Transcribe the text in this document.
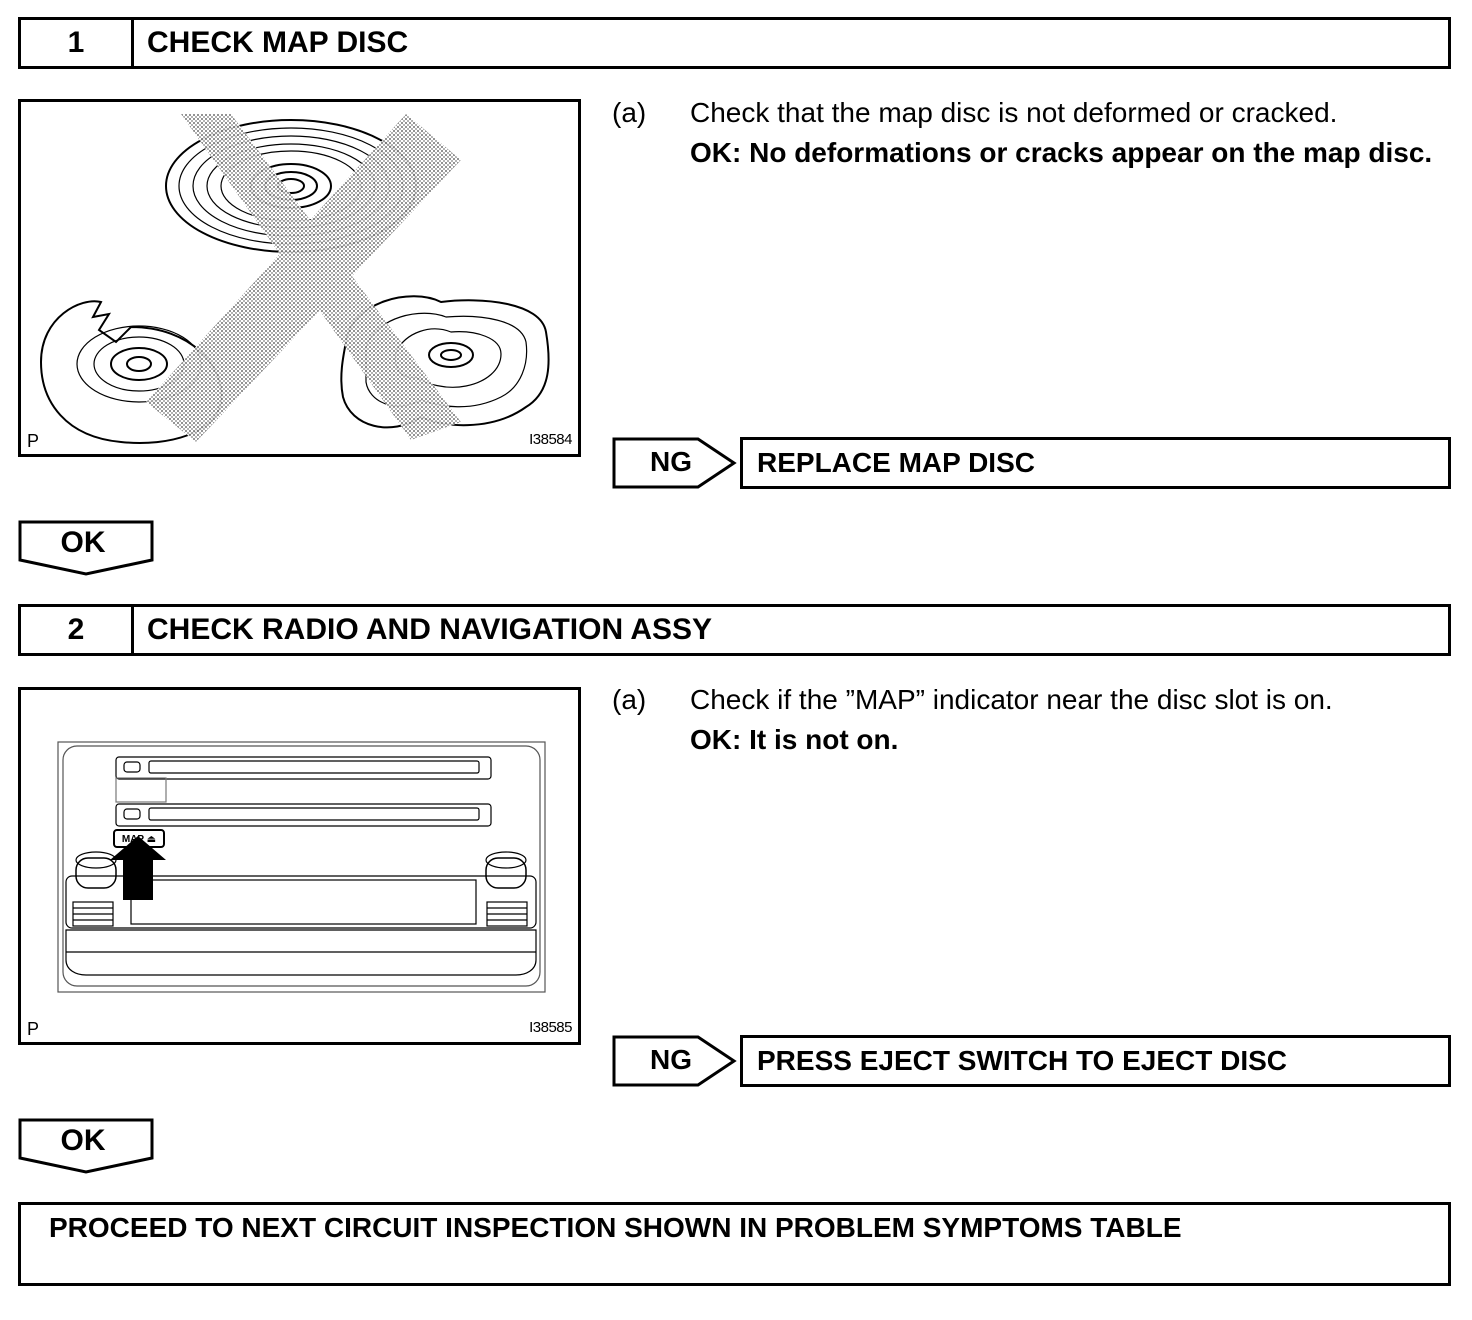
1	CHECK MAP DISC
P	I38584
(a) Check that the map disc is not deformed or cracked.
OK: No deformations or cracks appear on the map disc.
NG	REPLACE MAP DISC
OK
2	CHECK RADIO AND NAVIGATION ASSY
MAP ⏏
P	I38585
(a) Check if the ”MAP” indicator near the disc slot is on.
OK: It is not on.
NG	PRESS EJECT SWITCH TO EJECT DISC
OK
PROCEED TO NEXT CIRCUIT INSPECTION SHOWN IN PROBLEM SYMPTOMS TABLE
